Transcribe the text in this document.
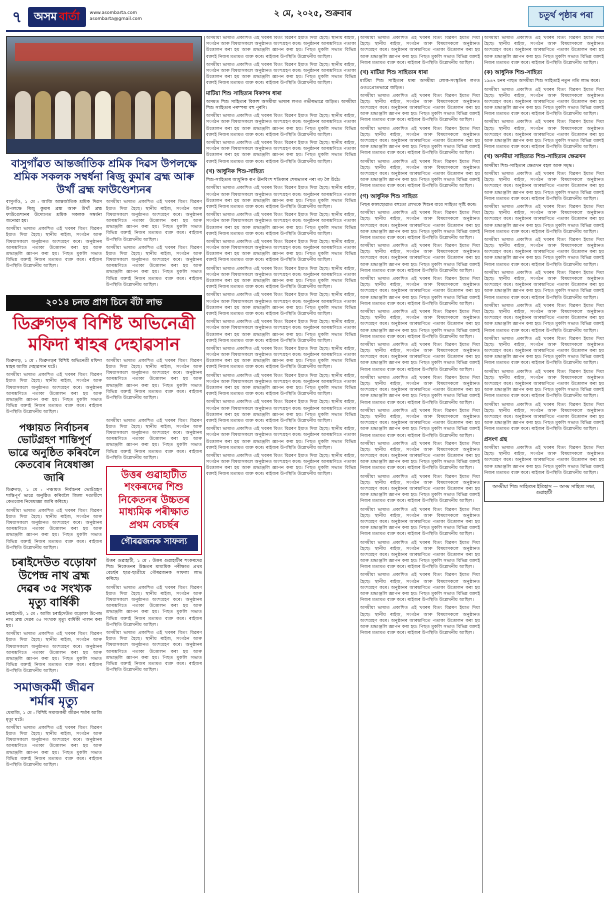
৭	অসম বাৰ্তা www.asombarta.com
asombarta@gmail.com
২ মে, ২০২৫, শুক্ৰবাৰ	চতুৰ্থ পৃষ্ঠাৰ পৰা
বাসুগাঁৱত আন্তৰ্জাতিক শ্ৰমিক দিৱস উপলক্ষে শ্ৰমিক সকলক সম্বৰ্ধনা ৰিজু কুমাৰ ব্ৰহ্ম আৰু উৰ্খাঁ ব্ৰহ্ম ফাউণ্ডেশ্যনৰ

বাসুগাঁও, ১ মে : আজি আন্তৰ্জাতিক শ্ৰমিক দিৱস উপলক্ষে ৰিজু কুমাৰ ব্ৰহ্ম আৰু উৰ্খাঁ ব্ৰহ্ম ফাউণ্ডেশ্যনৰ উদ্যোগত শ্ৰমিক সকলক সম্বৰ্ধনা জনোৱা হয়।

অসমীয়া ভাষাত প্ৰকাশিত এই খবৰৰ বিতং বিৱৰণ ইয়াত দিয়া হৈছে। স্থানীয় ৰাইজ, সংগঠন আৰু বিষয়াসকলে অনুষ্ঠানত অংশগ্ৰহণ কৰে। অনুষ্ঠানৰ আৰম্ভণিতে পতাকা উত্তোলন কৰা হয় আৰু শ্ৰদ্ধাঞ্জলি জ্ঞাপন কৰা হয়। পিছত মুকলি সভাত বিভিন্ন বক্তাই নিজৰ মতামত ব্যক্ত কৰে। ৰাইজৰ উপস্থিতি উল্লেখনীয় আছিল।

অসমীয়া ভাষাত প্ৰকাশিত এই খবৰৰ বিতং বিৱৰণ ইয়াত দিয়া হৈছে। স্থানীয় ৰাইজ, সংগঠন আৰু বিষয়াসকলে অনুষ্ঠানত অংশগ্ৰহণ কৰে। অনুষ্ঠানৰ আৰম্ভণিতে পতাকা উত্তোলন কৰা হয় আৰু শ্ৰদ্ধাঞ্জলি জ্ঞাপন কৰা হয়। পিছত মুকলি সভাত বিভিন্ন বক্তাই নিজৰ মতামত ব্যক্ত কৰে। ৰাইজৰ উপস্থিতি উল্লেখনীয় আছিল।

অসমীয়া ভাষাত প্ৰকাশিত এই খবৰৰ বিতং বিৱৰণ ইয়াত দিয়া হৈছে। স্থানীয় ৰাইজ, সংগঠন আৰু বিষয়াসকলে অনুষ্ঠানত অংশগ্ৰহণ কৰে। অনুষ্ঠানৰ আৰম্ভণিতে পতাকা উত্তোলন কৰা হয় আৰু শ্ৰদ্ধাঞ্জলি জ্ঞাপন কৰা হয়। পিছত মুকলি সভাত বিভিন্ন বক্তাই নিজৰ মতামত ব্যক্ত কৰে। ৰাইজৰ উপস্থিতি উল্লেখনীয় আছিল।

২০১৪ চনত প্ৰাগ চিনে বঁটা লাভ
ডিব্ৰুগড়ৰ বিশিষ্ট অভিনেত্ৰী মফিদা শ্বাহৰ দেহাৱসান

ডিব্ৰুগড়, ১ মে : ডিব্ৰুগড়ৰ বিশিষ্ট অভিনেত্ৰী মফিদা শ্বাহৰ আজি দেহাৱসান ঘটে।

অসমীয়া ভাষাত প্ৰকাশিত এই খবৰৰ বিতং বিৱৰণ ইয়াত দিয়া হৈছে। স্থানীয় ৰাইজ, সংগঠন আৰু বিষয়াসকলে অনুষ্ঠানত অংশগ্ৰহণ কৰে। অনুষ্ঠানৰ আৰম্ভণিতে পতাকা উত্তোলন কৰা হয় আৰু শ্ৰদ্ধাঞ্জলি জ্ঞাপন কৰা হয়। পিছত মুকলি সভাত বিভিন্ন বক্তাই নিজৰ মতামত ব্যক্ত কৰে। ৰাইজৰ উপস্থিতি উল্লেখনীয় আছিল।

অসমীয়া ভাষাত প্ৰকাশিত এই খবৰৰ বিতং বিৱৰণ ইয়াত দিয়া হৈছে। স্থানীয় ৰাইজ, সংগঠন আৰু বিষয়াসকলে অনুষ্ঠানত অংশগ্ৰহণ কৰে। অনুষ্ঠানৰ আৰম্ভণিতে পতাকা উত্তোলন কৰা হয় আৰু শ্ৰদ্ধাঞ্জলি জ্ঞাপন কৰা হয়। পিছত মুকলি সভাত বিভিন্ন বক্তাই নিজৰ মতামত ব্যক্ত কৰে। ৰাইজৰ উপস্থিতি উল্লেখনীয় আছিল।

পঞ্চায়ত নিৰ্বাচনৰ ভোটগ্ৰহণ শান্তিপূৰ্ণ ভাৱে অনুষ্ঠিত কৰিবলৈ কেতবোৰ নিষেধাজ্ঞা জাৰি

ডিব্ৰুগড়, ১ মে : পঞ্চায়ত নিৰ্বাচনৰ ভোটগ্ৰহণ শান্তিপূৰ্ণ ভাৱে অনুষ্ঠিত কৰিবলৈ জিলা দণ্ডাধীশে কেতবোৰ নিষেধাজ্ঞা জাৰি কৰিছে।

অসমীয়া ভাষাত প্ৰকাশিত এই খবৰৰ বিতং বিৱৰণ ইয়াত দিয়া হৈছে। স্থানীয় ৰাইজ, সংগঠন আৰু বিষয়াসকলে অনুষ্ঠানত অংশগ্ৰহণ কৰে। অনুষ্ঠানৰ আৰম্ভণিতে পতাকা উত্তোলন কৰা হয় আৰু শ্ৰদ্ধাঞ্জলি জ্ঞাপন কৰা হয়। পিছত মুকলি সভাত বিভিন্ন বক্তাই নিজৰ মতামত ব্যক্ত কৰে। ৰাইজৰ উপস্থিতি উল্লেখনীয় আছিল।

চৰাইদেউত বড়োফা উপেন্দ্ৰ নাথ ব্ৰহ্ম দেৱৰ ৩৫ সংখ্যক মৃত্যু বাৰ্ষিকী

চৰাইদেউ, ১ মে : আজি চৰাইদেউত বড়োফা উপেন্দ্ৰ নাথ ব্ৰহ্ম দেৱৰ ৩৫ সংখ্যক মৃত্যু বাৰ্ষিকী পালন কৰা হয়।

অসমীয়া ভাষাত প্ৰকাশিত এই খবৰৰ বিতং বিৱৰণ ইয়াত দিয়া হৈছে। স্থানীয় ৰাইজ, সংগঠন আৰু বিষয়াসকলে অনুষ্ঠানত অংশগ্ৰহণ কৰে। অনুষ্ঠানৰ আৰম্ভণিতে পতাকা উত্তোলন কৰা হয় আৰু শ্ৰদ্ধাঞ্জলি জ্ঞাপন কৰা হয়। পিছত মুকলি সভাত বিভিন্ন বক্তাই নিজৰ মতামত ব্যক্ত কৰে। ৰাইজৰ উপস্থিতি উল্লেখনীয় আছিল।

সমাজকৰ্মী জীৱন শৰ্মাৰ মৃত্যু

ধেমাজি, ১ মে : বিশিষ্ট সমাজকৰ্মী জীৱন শৰ্মাৰ আজি মৃত্যু ঘটে।

অসমীয়া ভাষাত প্ৰকাশিত এই খবৰৰ বিতং বিৱৰণ ইয়াত দিয়া হৈছে। স্থানীয় ৰাইজ, সংগঠন আৰু বিষয়াসকলে অনুষ্ঠানত অংশগ্ৰহণ কৰে। অনুষ্ঠানৰ আৰম্ভণিতে পতাকা উত্তোলন কৰা হয় আৰু শ্ৰদ্ধাঞ্জলি জ্ঞাপন কৰা হয়। পিছত মুকলি সভাত বিভিন্ন বক্তাই নিজৰ মতামত ব্যক্ত কৰে। ৰাইজৰ উপস্থিতি উল্লেখনীয় আছিল।

অসমীয়া ভাষাত প্ৰকাশিত এই খবৰৰ বিতং বিৱৰণ ইয়াত দিয়া হৈছে। স্থানীয় ৰাইজ, সংগঠন আৰু বিষয়াসকলে অনুষ্ঠানত অংশগ্ৰহণ কৰে। অনুষ্ঠানৰ আৰম্ভণিতে পতাকা উত্তোলন কৰা হয় আৰু শ্ৰদ্ধাঞ্জলি জ্ঞাপন কৰা হয়। পিছত মুকলি সভাত বিভিন্ন বক্তাই নিজৰ মতামত ব্যক্ত কৰে। ৰাইজৰ উপস্থিতি উল্লেখনীয় আছিল।

উত্তৰ গুৱাহাটীত শংকৰদেৱ শিশু নিকেতনৰ উচ্চতৰ মাধ্যমিক পৰীক্ষাত প্ৰথম বেচৰ্ছৰ
গৌৰৱজনক সাফল্য

উত্তৰ গুৱাহাটী, ১ মে : উত্তৰ গুৱাহাটীৰ শংকৰদেৱ শিশু নিকেতনৰ উচ্চতৰ মাধ্যমিক পৰীক্ষাত প্ৰথম বেচৰ্ছৰ ছাত্ৰ-ছাত্ৰীয়ে গৌৰৱজনক সাফল্য লাভ কৰিছে।

অসমীয়া ভাষাত প্ৰকাশিত এই খবৰৰ বিতং বিৱৰণ ইয়াত দিয়া হৈছে। স্থানীয় ৰাইজ, সংগঠন আৰু বিষয়াসকলে অনুষ্ঠানত অংশগ্ৰহণ কৰে। অনুষ্ঠানৰ আৰম্ভণিতে পতাকা উত্তোলন কৰা হয় আৰু শ্ৰদ্ধাঞ্জলি জ্ঞাপন কৰা হয়। পিছত মুকলি সভাত বিভিন্ন বক্তাই নিজৰ মতামত ব্যক্ত কৰে। ৰাইজৰ উপস্থিতি উল্লেখনীয় আছিল।

অসমীয়া ভাষাত প্ৰকাশিত এই খবৰৰ বিতং বিৱৰণ ইয়াত দিয়া হৈছে। স্থানীয় ৰাইজ, সংগঠন আৰু বিষয়াসকলে অনুষ্ঠানত অংশগ্ৰহণ কৰে। অনুষ্ঠানৰ আৰম্ভণিতে পতাকা উত্তোলন কৰা হয় আৰু শ্ৰদ্ধাঞ্জলি জ্ঞাপন কৰা হয়। পিছত মুকলি সভাত বিভিন্ন বক্তাই নিজৰ মতামত ব্যক্ত কৰে। ৰাইজৰ উপস্থিতি উল্লেখনীয় আছিল।

অসমীয়া ভাষাত প্ৰকাশিত এই খবৰৰ বিতং বিৱৰণ ইয়াত দিয়া হৈছে। স্থানীয় ৰাইজ, সংগঠন আৰু বিষয়াসকলে অনুষ্ঠানত অংশগ্ৰহণ কৰে। অনুষ্ঠানৰ আৰম্ভণিতে পতাকা উত্তোলন কৰা হয় আৰু শ্ৰদ্ধাঞ্জলি জ্ঞাপন কৰা হয়। পিছত মুকলি সভাত বিভিন্ন বক্তাই নিজৰ মতামত ব্যক্ত কৰে। ৰাইজৰ উপস্থিতি উল্লেখনীয় আছিল।

অসমীয়া ভাষাত প্ৰকাশিত এই খবৰৰ বিতং বিৱৰণ ইয়াত দিয়া হৈছে। স্থানীয় ৰাইজ, সংগঠন আৰু বিষয়াসকলে অনুষ্ঠানত অংশগ্ৰহণ কৰে। অনুষ্ঠানৰ আৰম্ভণিতে পতাকা উত্তোলন কৰা হয় আৰু শ্ৰদ্ধাঞ্জলি জ্ঞাপন কৰা হয়। পিছত মুকলি সভাত বিভিন্ন বক্তাই নিজৰ মতামত ব্যক্ত কৰে। ৰাইজৰ উপস্থিতি উল্লেখনীয় আছিল।

মাটিয়া শিশু সাহিত্যৰ বিকাশৰ ধাৰা

অসমত শিশু সাহিত্যৰ বিকাশ অসমীয়া ভাষাৰ লগত গভীৰভাৱে জড়িত। অসমীয়া শিশু সাহিত্যৰ পৰম্পৰা বহু পুৰণি।

অসমীয়া ভাষাত প্ৰকাশিত এই খবৰৰ বিতং বিৱৰণ ইয়াত দিয়া হৈছে। স্থানীয় ৰাইজ, সংগঠন আৰু বিষয়াসকলে অনুষ্ঠানত অংশগ্ৰহণ কৰে। অনুষ্ঠানৰ আৰম্ভণিতে পতাকা উত্তোলন কৰা হয় আৰু শ্ৰদ্ধাঞ্জলি জ্ঞাপন কৰা হয়। পিছত মুকলি সভাত বিভিন্ন বক্তাই নিজৰ মতামত ব্যক্ত কৰে। ৰাইজৰ উপস্থিতি উল্লেখনীয় আছিল।

অসমীয়া ভাষাত প্ৰকাশিত এই খবৰৰ বিতং বিৱৰণ ইয়াত দিয়া হৈছে। স্থানীয় ৰাইজ, সংগঠন আৰু বিষয়াসকলে অনুষ্ঠানত অংশগ্ৰহণ কৰে। অনুষ্ঠানৰ আৰম্ভণিতে পতাকা উত্তোলন কৰা হয় আৰু শ্ৰদ্ধাঞ্জলি জ্ঞাপন কৰা হয়। পিছত মুকলি সভাত বিভিন্ন বক্তাই নিজৰ মতামত ব্যক্ত কৰে। ৰাইজৰ উপস্থিতি উল্লেখনীয় আছিল।

(খ) আধুনিক শিশু-সাহিত্য

শিশু-সাহিত্যৰ আধুনিক ৰূপ ঊনবিংশ শতিকাৰ শেষভাগৰ পৰা গঢ় লৈ উঠে।

অসমীয়া ভাষাত প্ৰকাশিত এই খবৰৰ বিতং বিৱৰণ ইয়াত দিয়া হৈছে। স্থানীয় ৰাইজ, সংগঠন আৰু বিষয়াসকলে অনুষ্ঠানত অংশগ্ৰহণ কৰে। অনুষ্ঠানৰ আৰম্ভণিতে পতাকা উত্তোলন কৰা হয় আৰু শ্ৰদ্ধাঞ্জলি জ্ঞাপন কৰা হয়। পিছত মুকলি সভাত বিভিন্ন বক্তাই নিজৰ মতামত ব্যক্ত কৰে। ৰাইজৰ উপস্থিতি উল্লেখনীয় আছিল।

অসমীয়া ভাষাত প্ৰকাশিত এই খবৰৰ বিতং বিৱৰণ ইয়াত দিয়া হৈছে। স্থানীয় ৰাইজ, সংগঠন আৰু বিষয়াসকলে অনুষ্ঠানত অংশগ্ৰহণ কৰে। অনুষ্ঠানৰ আৰম্ভণিতে পতাকা উত্তোলন কৰা হয় আৰু শ্ৰদ্ধাঞ্জলি জ্ঞাপন কৰা হয়। পিছত মুকলি সভাত বিভিন্ন বক্তাই নিজৰ মতামত ব্যক্ত কৰে। ৰাইজৰ উপস্থিতি উল্লেখনীয় আছিল।

অসমীয়া ভাষাত প্ৰকাশিত এই খবৰৰ বিতং বিৱৰণ ইয়াত দিয়া হৈছে। স্থানীয় ৰাইজ, সংগঠন আৰু বিষয়াসকলে অনুষ্ঠানত অংশগ্ৰহণ কৰে। অনুষ্ঠানৰ আৰম্ভণিতে পতাকা উত্তোলন কৰা হয় আৰু শ্ৰদ্ধাঞ্জলি জ্ঞাপন কৰা হয়। পিছত মুকলি সভাত বিভিন্ন বক্তাই নিজৰ মতামত ব্যক্ত কৰে। ৰাইজৰ উপস্থিতি উল্লেখনীয় আছিল।

অসমীয়া ভাষাত প্ৰকাশিত এই খবৰৰ বিতং বিৱৰণ ইয়াত দিয়া হৈছে। স্থানীয় ৰাইজ, সংগঠন আৰু বিষয়াসকলে অনুষ্ঠানত অংশগ্ৰহণ কৰে। অনুষ্ঠানৰ আৰম্ভণিতে পতাকা উত্তোলন কৰা হয় আৰু শ্ৰদ্ধাঞ্জলি জ্ঞাপন কৰা হয়। পিছত মুকলি সভাত বিভিন্ন বক্তাই নিজৰ মতামত ব্যক্ত কৰে। ৰাইজৰ উপস্থিতি উল্লেখনীয় আছিল।

অসমীয়া ভাষাত প্ৰকাশিত এই খবৰৰ বিতং বিৱৰণ ইয়াত দিয়া হৈছে। স্থানীয় ৰাইজ, সংগঠন আৰু বিষয়াসকলে অনুষ্ঠানত অংশগ্ৰহণ কৰে। অনুষ্ঠানৰ আৰম্ভণিতে পতাকা উত্তোলন কৰা হয় আৰু শ্ৰদ্ধাঞ্জলি জ্ঞাপন কৰা হয়। পিছত মুকলি সভাত বিভিন্ন বক্তাই নিজৰ মতামত ব্যক্ত কৰে। ৰাইজৰ উপস্থিতি উল্লেখনীয় আছিল।

অসমীয়া ভাষাত প্ৰকাশিত এই খবৰৰ বিতং বিৱৰণ ইয়াত দিয়া হৈছে। স্থানীয় ৰাইজ, সংগঠন আৰু বিষয়াসকলে অনুষ্ঠানত অংশগ্ৰহণ কৰে। অনুষ্ঠানৰ আৰম্ভণিতে পতাকা উত্তোলন কৰা হয় আৰু শ্ৰদ্ধাঞ্জলি জ্ঞাপন কৰা হয়। পিছত মুকলি সভাত বিভিন্ন বক্তাই নিজৰ মতামত ব্যক্ত কৰে। ৰাইজৰ উপস্থিতি উল্লেখনীয় আছিল।

অসমীয়া ভাষাত প্ৰকাশিত এই খবৰৰ বিতং বিৱৰণ ইয়াত দিয়া হৈছে। স্থানীয় ৰাইজ, সংগঠন আৰু বিষয়াসকলে অনুষ্ঠানত অংশগ্ৰহণ কৰে। অনুষ্ঠানৰ আৰম্ভণিতে পতাকা উত্তোলন কৰা হয় আৰু শ্ৰদ্ধাঞ্জলি জ্ঞাপন কৰা হয়। পিছত মুকলি সভাত বিভিন্ন বক্তাই নিজৰ মতামত ব্যক্ত কৰে। ৰাইজৰ উপস্থিতি উল্লেখনীয় আছিল।

অসমীয়া ভাষাত প্ৰকাশিত এই খবৰৰ বিতং বিৱৰণ ইয়াত দিয়া হৈছে। স্থানীয় ৰাইজ, সংগঠন আৰু বিষয়াসকলে অনুষ্ঠানত অংশগ্ৰহণ কৰে। অনুষ্ঠানৰ আৰম্ভণিতে পতাকা উত্তোলন কৰা হয় আৰু শ্ৰদ্ধাঞ্জলি জ্ঞাপন কৰা হয়। পিছত মুকলি সভাত বিভিন্ন বক্তাই নিজৰ মতামত ব্যক্ত কৰে। ৰাইজৰ উপস্থিতি উল্লেখনীয় আছিল।

অসমীয়া ভাষাত প্ৰকাশিত এই খবৰৰ বিতং বিৱৰণ ইয়াত দিয়া হৈছে। স্থানীয় ৰাইজ, সংগঠন আৰু বিষয়াসকলে অনুষ্ঠানত অংশগ্ৰহণ কৰে। অনুষ্ঠানৰ আৰম্ভণিতে পতাকা উত্তোলন কৰা হয় আৰু শ্ৰদ্ধাঞ্জলি জ্ঞাপন কৰা হয়। পিছত মুকলি সভাত বিভিন্ন বক্তাই নিজৰ মতামত ব্যক্ত কৰে। ৰাইজৰ উপস্থিতি উল্লেখনীয় আছিল।

অসমীয়া ভাষাত প্ৰকাশিত এই খবৰৰ বিতং বিৱৰণ ইয়াত দিয়া হৈছে। স্থানীয় ৰাইজ, সংগঠন আৰু বিষয়াসকলে অনুষ্ঠানত অংশগ্ৰহণ কৰে। অনুষ্ঠানৰ আৰম্ভণিতে পতাকা উত্তোলন কৰা হয় আৰু শ্ৰদ্ধাঞ্জলি জ্ঞাপন কৰা হয়। পিছত মুকলি সভাত বিভিন্ন বক্তাই নিজৰ মতামত ব্যক্ত কৰে। ৰাইজৰ উপস্থিতি উল্লেখনীয় আছিল।

অসমীয়া ভাষাত প্ৰকাশিত এই খবৰৰ বিতং বিৱৰণ ইয়াত দিয়া হৈছে। স্থানীয় ৰাইজ, সংগঠন আৰু বিষয়াসকলে অনুষ্ঠানত অংশগ্ৰহণ কৰে। অনুষ্ঠানৰ আৰম্ভণিতে পতাকা উত্তোলন কৰা হয় আৰু শ্ৰদ্ধাঞ্জলি জ্ঞাপন কৰা হয়। পিছত মুকলি সভাত বিভিন্ন বক্তাই নিজৰ মতামত ব্যক্ত কৰে। ৰাইজৰ উপস্থিতি উল্লেখনীয় আছিল।

অসমীয়া ভাষাত প্ৰকাশিত এই খবৰৰ বিতং বিৱৰণ ইয়াত দিয়া হৈছে। স্থানীয় ৰাইজ, সংগঠন আৰু বিষয়াসকলে অনুষ্ঠানত অংশগ্ৰহণ কৰে। অনুষ্ঠানৰ আৰম্ভণিতে পতাকা উত্তোলন কৰা হয় আৰু শ্ৰদ্ধাঞ্জলি জ্ঞাপন কৰা হয়। পিছত মুকলি সভাত বিভিন্ন বক্তাই নিজৰ মতামত ব্যক্ত কৰে। ৰাইজৰ উপস্থিতি উল্লেখনীয় আছিল।

(খ) মাটিয়া শিশু সাহিত্যৰ ধাৰা

মাটিয়া শিশু সাহিত্যৰ ধাৰা অসমীয়া লোক-সংস্কৃতিৰ লগত ওতঃপ্ৰোতভাৱে জড়িত।

অসমীয়া ভাষাত প্ৰকাশিত এই খবৰৰ বিতং বিৱৰণ ইয়াত দিয়া হৈছে। স্থানীয় ৰাইজ, সংগঠন আৰু বিষয়াসকলে অনুষ্ঠানত অংশগ্ৰহণ কৰে। অনুষ্ঠানৰ আৰম্ভণিতে পতাকা উত্তোলন কৰা হয় আৰু শ্ৰদ্ধাঞ্জলি জ্ঞাপন কৰা হয়। পিছত মুকলি সভাত বিভিন্ন বক্তাই নিজৰ মতামত ব্যক্ত কৰে। ৰাইজৰ উপস্থিতি উল্লেখনীয় আছিল।

অসমীয়া ভাষাত প্ৰকাশিত এই খবৰৰ বিতং বিৱৰণ ইয়াত দিয়া হৈছে। স্থানীয় ৰাইজ, সংগঠন আৰু বিষয়াসকলে অনুষ্ঠানত অংশগ্ৰহণ কৰে। অনুষ্ঠানৰ আৰম্ভণিতে পতাকা উত্তোলন কৰা হয় আৰু শ্ৰদ্ধাঞ্জলি জ্ঞাপন কৰা হয়। পিছত মুকলি সভাত বিভিন্ন বক্তাই নিজৰ মতামত ব্যক্ত কৰে। ৰাইজৰ উপস্থিতি উল্লেখনীয় আছিল।

অসমীয়া ভাষাত প্ৰকাশিত এই খবৰৰ বিতং বিৱৰণ ইয়াত দিয়া হৈছে। স্থানীয় ৰাইজ, সংগঠন আৰু বিষয়াসকলে অনুষ্ঠানত অংশগ্ৰহণ কৰে। অনুষ্ঠানৰ আৰম্ভণিতে পতাকা উত্তোলন কৰা হয় আৰু শ্ৰদ্ধাঞ্জলি জ্ঞাপন কৰা হয়। পিছত মুকলি সভাত বিভিন্ন বক্তাই নিজৰ মতামত ব্যক্ত কৰে। ৰাইজৰ উপস্থিতি উল্লেখনীয় আছিল।

(গ) আধুনিক শিশু সাহিত্য

পিছৰ কালছোৱাত বহুতো লেখকে শিশুৰ বাবে সাহিত্য সৃষ্টি কৰে।

অসমীয়া ভাষাত প্ৰকাশিত এই খবৰৰ বিতং বিৱৰণ ইয়াত দিয়া হৈছে। স্থানীয় ৰাইজ, সংগঠন আৰু বিষয়াসকলে অনুষ্ঠানত অংশগ্ৰহণ কৰে। অনুষ্ঠানৰ আৰম্ভণিতে পতাকা উত্তোলন কৰা হয় আৰু শ্ৰদ্ধাঞ্জলি জ্ঞাপন কৰা হয়। পিছত মুকলি সভাত বিভিন্ন বক্তাই নিজৰ মতামত ব্যক্ত কৰে। ৰাইজৰ উপস্থিতি উল্লেখনীয় আছিল।

অসমীয়া ভাষাত প্ৰকাশিত এই খবৰৰ বিতং বিৱৰণ ইয়াত দিয়া হৈছে। স্থানীয় ৰাইজ, সংগঠন আৰু বিষয়াসকলে অনুষ্ঠানত অংশগ্ৰহণ কৰে। অনুষ্ঠানৰ আৰম্ভণিতে পতাকা উত্তোলন কৰা হয় আৰু শ্ৰদ্ধাঞ্জলি জ্ঞাপন কৰা হয়। পিছত মুকলি সভাত বিভিন্ন বক্তাই নিজৰ মতামত ব্যক্ত কৰে। ৰাইজৰ উপস্থিতি উল্লেখনীয় আছিল।

অসমীয়া ভাষাত প্ৰকাশিত এই খবৰৰ বিতং বিৱৰণ ইয়াত দিয়া হৈছে। স্থানীয় ৰাইজ, সংগঠন আৰু বিষয়াসকলে অনুষ্ঠানত অংশগ্ৰহণ কৰে। অনুষ্ঠানৰ আৰম্ভণিতে পতাকা উত্তোলন কৰা হয় আৰু শ্ৰদ্ধাঞ্জলি জ্ঞাপন কৰা হয়। পিছত মুকলি সভাত বিভিন্ন বক্তাই নিজৰ মতামত ব্যক্ত কৰে। ৰাইজৰ উপস্থিতি উল্লেখনীয় আছিল।

অসমীয়া ভাষাত প্ৰকাশিত এই খবৰৰ বিতং বিৱৰণ ইয়াত দিয়া হৈছে। স্থানীয় ৰাইজ, সংগঠন আৰু বিষয়াসকলে অনুষ্ঠানত অংশগ্ৰহণ কৰে। অনুষ্ঠানৰ আৰম্ভণিতে পতাকা উত্তোলন কৰা হয় আৰু শ্ৰদ্ধাঞ্জলি জ্ঞাপন কৰা হয়। পিছত মুকলি সভাত বিভিন্ন বক্তাই নিজৰ মতামত ব্যক্ত কৰে। ৰাইজৰ উপস্থিতি উল্লেখনীয় আছিল।

অসমীয়া ভাষাত প্ৰকাশিত এই খবৰৰ বিতং বিৱৰণ ইয়াত দিয়া হৈছে। স্থানীয় ৰাইজ, সংগঠন আৰু বিষয়াসকলে অনুষ্ঠানত অংশগ্ৰহণ কৰে। অনুষ্ঠানৰ আৰম্ভণিতে পতাকা উত্তোলন কৰা হয় আৰু শ্ৰদ্ধাঞ্জলি জ্ঞাপন কৰা হয়। পিছত মুকলি সভাত বিভিন্ন বক্তাই নিজৰ মতামত ব্যক্ত কৰে। ৰাইজৰ উপস্থিতি উল্লেখনীয় আছিল।

অসমীয়া ভাষাত প্ৰকাশিত এই খবৰৰ বিতং বিৱৰণ ইয়াত দিয়া হৈছে। স্থানীয় ৰাইজ, সংগঠন আৰু বিষয়াসকলে অনুষ্ঠানত অংশগ্ৰহণ কৰে। অনুষ্ঠানৰ আৰম্ভণিতে পতাকা উত্তোলন কৰা হয় আৰু শ্ৰদ্ধাঞ্জলি জ্ঞাপন কৰা হয়। পিছত মুকলি সভাত বিভিন্ন বক্তাই নিজৰ মতামত ব্যক্ত কৰে। ৰাইজৰ উপস্থিতি উল্লেখনীয় আছিল।

অসমীয়া ভাষাত প্ৰকাশিত এই খবৰৰ বিতং বিৱৰণ ইয়াত দিয়া হৈছে। স্থানীয় ৰাইজ, সংগঠন আৰু বিষয়াসকলে অনুষ্ঠানত অংশগ্ৰহণ কৰে। অনুষ্ঠানৰ আৰম্ভণিতে পতাকা উত্তোলন কৰা হয় আৰু শ্ৰদ্ধাঞ্জলি জ্ঞাপন কৰা হয়। পিছত মুকলি সভাত বিভিন্ন বক্তাই নিজৰ মতামত ব্যক্ত কৰে। ৰাইজৰ উপস্থিতি উল্লেখনীয় আছিল।

অসমীয়া ভাষাত প্ৰকাশিত এই খবৰৰ বিতং বিৱৰণ ইয়াত দিয়া হৈছে। স্থানীয় ৰাইজ, সংগঠন আৰু বিষয়াসকলে অনুষ্ঠানত অংশগ্ৰহণ কৰে। অনুষ্ঠানৰ আৰম্ভণিতে পতাকা উত্তোলন কৰা হয় আৰু শ্ৰদ্ধাঞ্জলি জ্ঞাপন কৰা হয়। পিছত মুকলি সভাত বিভিন্ন বক্তাই নিজৰ মতামত ব্যক্ত কৰে। ৰাইজৰ উপস্থিতি উল্লেখনীয় আছিল।

অসমীয়া ভাষাত প্ৰকাশিত এই খবৰৰ বিতং বিৱৰণ ইয়াত দিয়া হৈছে। স্থানীয় ৰাইজ, সংগঠন আৰু বিষয়াসকলে অনুষ্ঠানত অংশগ্ৰহণ কৰে। অনুষ্ঠানৰ আৰম্ভণিতে পতাকা উত্তোলন কৰা হয় আৰু শ্ৰদ্ধাঞ্জলি জ্ঞাপন কৰা হয়। পিছত মুকলি সভাত বিভিন্ন বক্তাই নিজৰ মতামত ব্যক্ত কৰে। ৰাইজৰ উপস্থিতি উল্লেখনীয় আছিল।

অসমীয়া ভাষাত প্ৰকাশিত এই খবৰৰ বিতং বিৱৰণ ইয়াত দিয়া হৈছে। স্থানীয় ৰাইজ, সংগঠন আৰু বিষয়াসকলে অনুষ্ঠানত অংশগ্ৰহণ কৰে। অনুষ্ঠানৰ আৰম্ভণিতে পতাকা উত্তোলন কৰা হয় আৰু শ্ৰদ্ধাঞ্জলি জ্ঞাপন কৰা হয়। পিছত মুকলি সভাত বিভিন্ন বক্তাই নিজৰ মতামত ব্যক্ত কৰে। ৰাইজৰ উপস্থিতি উল্লেখনীয় আছিল।

অসমীয়া ভাষাত প্ৰকাশিত এই খবৰৰ বিতং বিৱৰণ ইয়াত দিয়া হৈছে। স্থানীয় ৰাইজ, সংগঠন আৰু বিষয়াসকলে অনুষ্ঠানত অংশগ্ৰহণ কৰে। অনুষ্ঠানৰ আৰম্ভণিতে পতাকা উত্তোলন কৰা হয় আৰু শ্ৰদ্ধাঞ্জলি জ্ঞাপন কৰা হয়। পিছত মুকলি সভাত বিভিন্ন বক্তাই নিজৰ মতামত ব্যক্ত কৰে। ৰাইজৰ উপস্থিতি উল্লেখনীয় আছিল।

অসমীয়া ভাষাত প্ৰকাশিত এই খবৰৰ বিতং বিৱৰণ ইয়াত দিয়া হৈছে। স্থানীয় ৰাইজ, সংগঠন আৰু বিষয়াসকলে অনুষ্ঠানত অংশগ্ৰহণ কৰে। অনুষ্ঠানৰ আৰম্ভণিতে পতাকা উত্তোলন কৰা হয় আৰু শ্ৰদ্ধাঞ্জলি জ্ঞাপন কৰা হয়। পিছত মুকলি সভাত বিভিন্ন বক্তাই নিজৰ মতামত ব্যক্ত কৰে। ৰাইজৰ উপস্থিতি উল্লেখনীয় আছিল।

অসমীয়া ভাষাত প্ৰকাশিত এই খবৰৰ বিতং বিৱৰণ ইয়াত দিয়া হৈছে। স্থানীয় ৰাইজ, সংগঠন আৰু বিষয়াসকলে অনুষ্ঠানত অংশগ্ৰহণ কৰে। অনুষ্ঠানৰ আৰম্ভণিতে পতাকা উত্তোলন কৰা হয় আৰু শ্ৰদ্ধাঞ্জলি জ্ঞাপন কৰা হয়। পিছত মুকলি সভাত বিভিন্ন বক্তাই নিজৰ মতামত ব্যক্ত কৰে। ৰাইজৰ উপস্থিতি উল্লেখনীয় আছিল।

অসমীয়া ভাষাত প্ৰকাশিত এই খবৰৰ বিতং বিৱৰণ ইয়াত দিয়া হৈছে। স্থানীয় ৰাইজ, সংগঠন আৰু বিষয়াসকলে অনুষ্ঠানত অংশগ্ৰহণ কৰে। অনুষ্ঠানৰ আৰম্ভণিতে পতাকা উত্তোলন কৰা হয় আৰু শ্ৰদ্ধাঞ্জলি জ্ঞাপন কৰা হয়। পিছত মুকলি সভাত বিভিন্ন বক্তাই নিজৰ মতামত ব্যক্ত কৰে। ৰাইজৰ উপস্থিতি উল্লেখনীয় আছিল।

(ক) আধুনিক শিশু-সাহিত্য

১৯৪৭ চনৰ পাছত অসমীয়া শিশু সাহিত্যই নতুন গতি লাভ কৰে।

অসমীয়া ভাষাত প্ৰকাশিত এই খবৰৰ বিতং বিৱৰণ ইয়াত দিয়া হৈছে। স্থানীয় ৰাইজ, সংগঠন আৰু বিষয়াসকলে অনুষ্ঠানত অংশগ্ৰহণ কৰে। অনুষ্ঠানৰ আৰম্ভণিতে পতাকা উত্তোলন কৰা হয় আৰু শ্ৰদ্ধাঞ্জলি জ্ঞাপন কৰা হয়। পিছত মুকলি সভাত বিভিন্ন বক্তাই নিজৰ মতামত ব্যক্ত কৰে। ৰাইজৰ উপস্থিতি উল্লেখনীয় আছিল।

অসমীয়া ভাষাত প্ৰকাশিত এই খবৰৰ বিতং বিৱৰণ ইয়াত দিয়া হৈছে। স্থানীয় ৰাইজ, সংগঠন আৰু বিষয়াসকলে অনুষ্ঠানত অংশগ্ৰহণ কৰে। অনুষ্ঠানৰ আৰম্ভণিতে পতাকা উত্তোলন কৰা হয় আৰু শ্ৰদ্ধাঞ্জলি জ্ঞাপন কৰা হয়। পিছত মুকলি সভাত বিভিন্ন বক্তাই নিজৰ মতামত ব্যক্ত কৰে। ৰাইজৰ উপস্থিতি উল্লেখনীয় আছিল।

(খ) অসমীয়া সাহিত্যত শিশু-সাহিত্যৰ ক্ষেত্ৰখন

অসমীয়া শিশু-সাহিত্যৰ ক্ষেত্ৰখন বহল আৰু সমৃদ্ধ।

অসমীয়া ভাষাত প্ৰকাশিত এই খবৰৰ বিতং বিৱৰণ ইয়াত দিয়া হৈছে। স্থানীয় ৰাইজ, সংগঠন আৰু বিষয়াসকলে অনুষ্ঠানত অংশগ্ৰহণ কৰে। অনুষ্ঠানৰ আৰম্ভণিতে পতাকা উত্তোলন কৰা হয় আৰু শ্ৰদ্ধাঞ্জলি জ্ঞাপন কৰা হয়। পিছত মুকলি সভাত বিভিন্ন বক্তাই নিজৰ মতামত ব্যক্ত কৰে। ৰাইজৰ উপস্থিতি উল্লেখনীয় আছিল।

অসমীয়া ভাষাত প্ৰকাশিত এই খবৰৰ বিতং বিৱৰণ ইয়াত দিয়া হৈছে। স্থানীয় ৰাইজ, সংগঠন আৰু বিষয়াসকলে অনুষ্ঠানত অংশগ্ৰহণ কৰে। অনুষ্ঠানৰ আৰম্ভণিতে পতাকা উত্তোলন কৰা হয় আৰু শ্ৰদ্ধাঞ্জলি জ্ঞাপন কৰা হয়। পিছত মুকলি সভাত বিভিন্ন বক্তাই নিজৰ মতামত ব্যক্ত কৰে। ৰাইজৰ উপস্থিতি উল্লেখনীয় আছিল।

অসমীয়া ভাষাত প্ৰকাশিত এই খবৰৰ বিতং বিৱৰণ ইয়াত দিয়া হৈছে। স্থানীয় ৰাইজ, সংগঠন আৰু বিষয়াসকলে অনুষ্ঠানত অংশগ্ৰহণ কৰে। অনুষ্ঠানৰ আৰম্ভণিতে পতাকা উত্তোলন কৰা হয় আৰু শ্ৰদ্ধাঞ্জলি জ্ঞাপন কৰা হয়। পিছত মুকলি সভাত বিভিন্ন বক্তাই নিজৰ মতামত ব্যক্ত কৰে। ৰাইজৰ উপস্থিতি উল্লেখনীয় আছিল।

অসমীয়া ভাষাত প্ৰকাশিত এই খবৰৰ বিতং বিৱৰণ ইয়াত দিয়া হৈছে। স্থানীয় ৰাইজ, সংগঠন আৰু বিষয়াসকলে অনুষ্ঠানত অংশগ্ৰহণ কৰে। অনুষ্ঠানৰ আৰম্ভণিতে পতাকা উত্তোলন কৰা হয় আৰু শ্ৰদ্ধাঞ্জলি জ্ঞাপন কৰা হয়। পিছত মুকলি সভাত বিভিন্ন বক্তাই নিজৰ মতামত ব্যক্ত কৰে। ৰাইজৰ উপস্থিতি উল্লেখনীয় আছিল।

অসমীয়া ভাষাত প্ৰকাশিত এই খবৰৰ বিতং বিৱৰণ ইয়াত দিয়া হৈছে। স্থানীয় ৰাইজ, সংগঠন আৰু বিষয়াসকলে অনুষ্ঠানত অংশগ্ৰহণ কৰে। অনুষ্ঠানৰ আৰম্ভণিতে পতাকা উত্তোলন কৰা হয় আৰু শ্ৰদ্ধাঞ্জলি জ্ঞাপন কৰা হয়। পিছত মুকলি সভাত বিভিন্ন বক্তাই নিজৰ মতামত ব্যক্ত কৰে। ৰাইজৰ উপস্থিতি উল্লেখনীয় আছিল।

অসমীয়া ভাষাত প্ৰকাশিত এই খবৰৰ বিতং বিৱৰণ ইয়াত দিয়া হৈছে। স্থানীয় ৰাইজ, সংগঠন আৰু বিষয়াসকলে অনুষ্ঠানত অংশগ্ৰহণ কৰে। অনুষ্ঠানৰ আৰম্ভণিতে পতাকা উত্তোলন কৰা হয় আৰু শ্ৰদ্ধাঞ্জলি জ্ঞাপন কৰা হয়। পিছত মুকলি সভাত বিভিন্ন বক্তাই নিজৰ মতামত ব্যক্ত কৰে। ৰাইজৰ উপস্থিতি উল্লেখনীয় আছিল।

অসমীয়া ভাষাত প্ৰকাশিত এই খবৰৰ বিতং বিৱৰণ ইয়াত দিয়া হৈছে। স্থানীয় ৰাইজ, সংগঠন আৰু বিষয়াসকলে অনুষ্ঠানত অংশগ্ৰহণ কৰে। অনুষ্ঠানৰ আৰম্ভণিতে পতাকা উত্তোলন কৰা হয় আৰু শ্ৰদ্ধাঞ্জলি জ্ঞাপন কৰা হয়। পিছত মুকলি সভাত বিভিন্ন বক্তাই নিজৰ মতামত ব্যক্ত কৰে। ৰাইজৰ উপস্থিতি উল্লেখনীয় আছিল।

অসমীয়া ভাষাত প্ৰকাশিত এই খবৰৰ বিতং বিৱৰণ ইয়াত দিয়া হৈছে। স্থানীয় ৰাইজ, সংগঠন আৰু বিষয়াসকলে অনুষ্ঠানত অংশগ্ৰহণ কৰে। অনুষ্ঠানৰ আৰম্ভণিতে পতাকা উত্তোলন কৰা হয় আৰু শ্ৰদ্ধাঞ্জলি জ্ঞাপন কৰা হয়। পিছত মুকলি সভাত বিভিন্ন বক্তাই নিজৰ মতামত ব্যক্ত কৰে। ৰাইজৰ উপস্থিতি উল্লেখনীয় আছিল।

প্ৰসংগ গ্ৰন্থ

অসমীয়া ভাষাত প্ৰকাশিত এই খবৰৰ বিতং বিৱৰণ ইয়াত দিয়া হৈছে। স্থানীয় ৰাইজ, সংগঠন আৰু বিষয়াসকলে অনুষ্ঠানত অংশগ্ৰহণ কৰে। অনুষ্ঠানৰ আৰম্ভণিতে পতাকা উত্তোলন কৰা হয় আৰু শ্ৰদ্ধাঞ্জলি জ্ঞাপন কৰা হয়। পিছত মুকলি সভাত বিভিন্ন বক্তাই নিজৰ মতামত ব্যক্ত কৰে। ৰাইজৰ উপস্থিতি উল্লেখনীয় আছিল।

অসমীয়া শিশু সাহিত্যৰ ইতিহাস — অসম সাহিত্য সভা, গুৱাহাটী
